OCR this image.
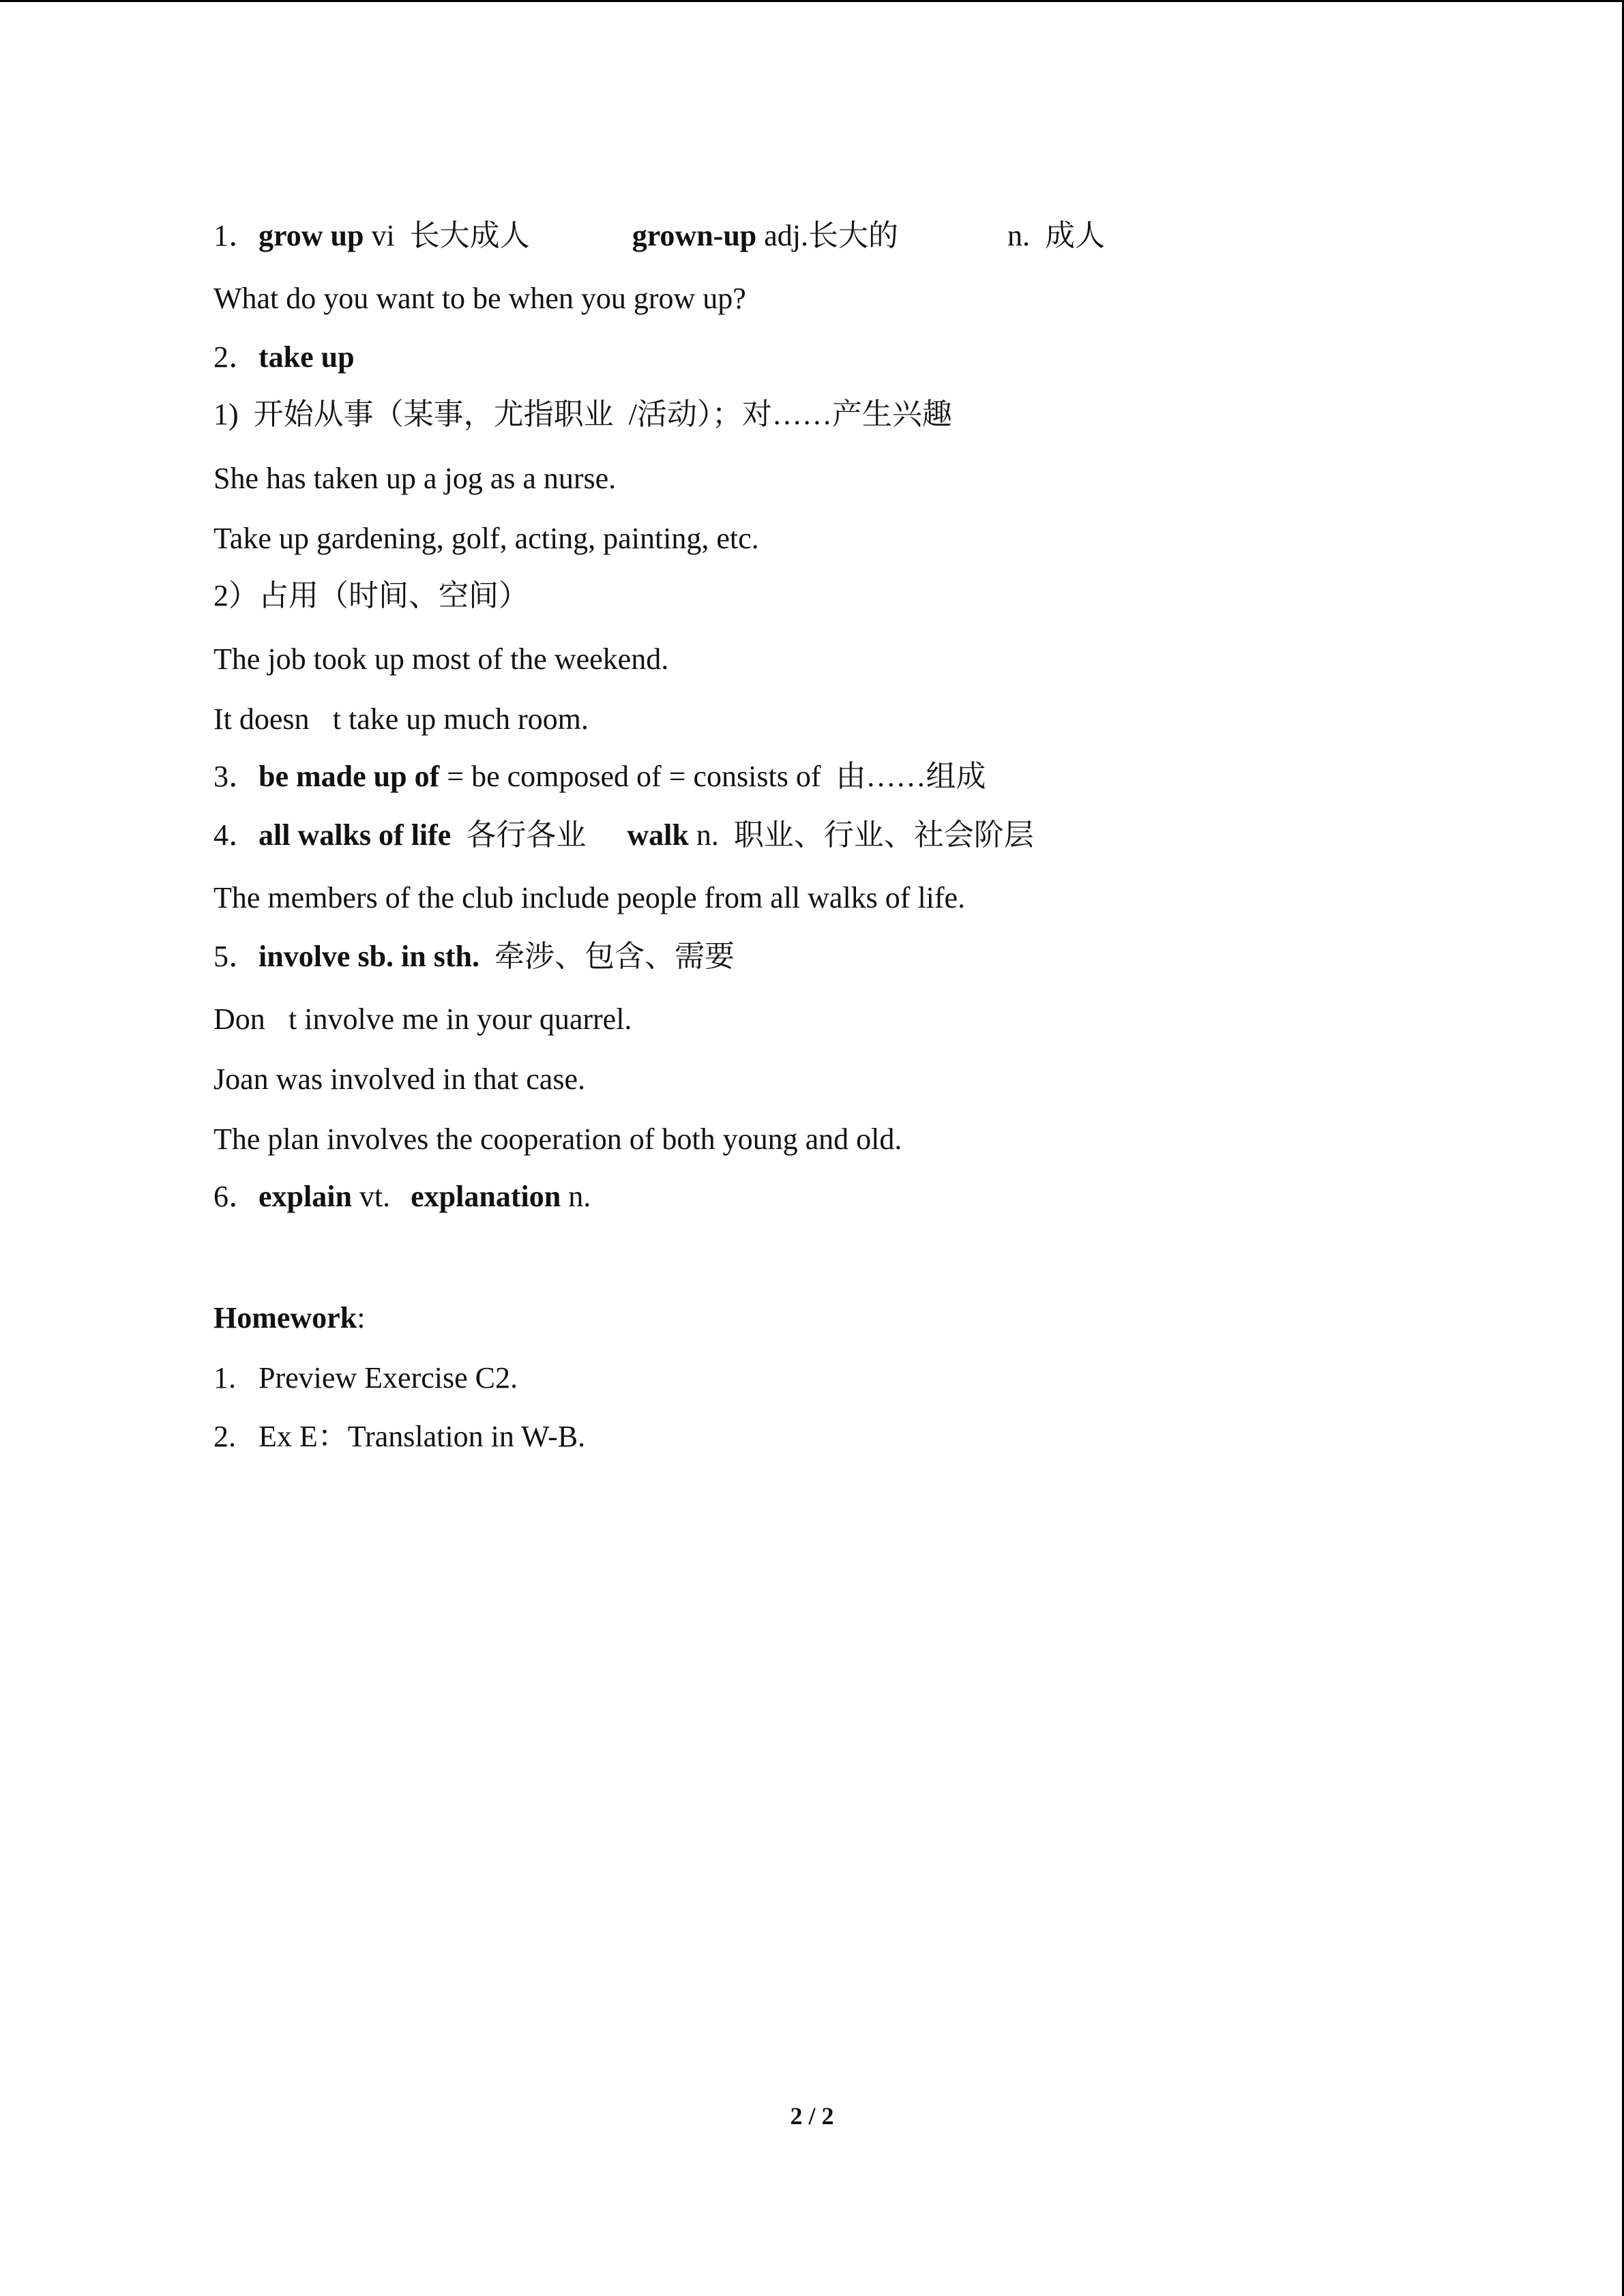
1．grow up vi  长大成人	grown-up adj.长大的	n.  成人
What do you want to be when you grow up?
2．take up
1)  开始从事（某事，尤指职业  /活动）；对……产生兴趣
She has taken up a jog as a nurse.
Take up gardening, golf, acting, painting, etc.
2）占用（时间、空间）
The job took up most of the weekend.
It doesn t take up much room.
3．be made up of = be composed of = consists of  由……组成
4．all walks of life  各行各业 walk n.  职业、行业、社会阶层
The members of the club include people from all walks of life.
5．involve sb. in sth.  牵涉、包含、需要
Don t involve me in your quarrel.
Joan was involved in that case.
The plan involves the cooperation of both young and old.
6．explain vt. explanation n.
Homework:
1.   Preview Exercise C2.
2.   Ex E：Translation in W-B.
2 / 2
